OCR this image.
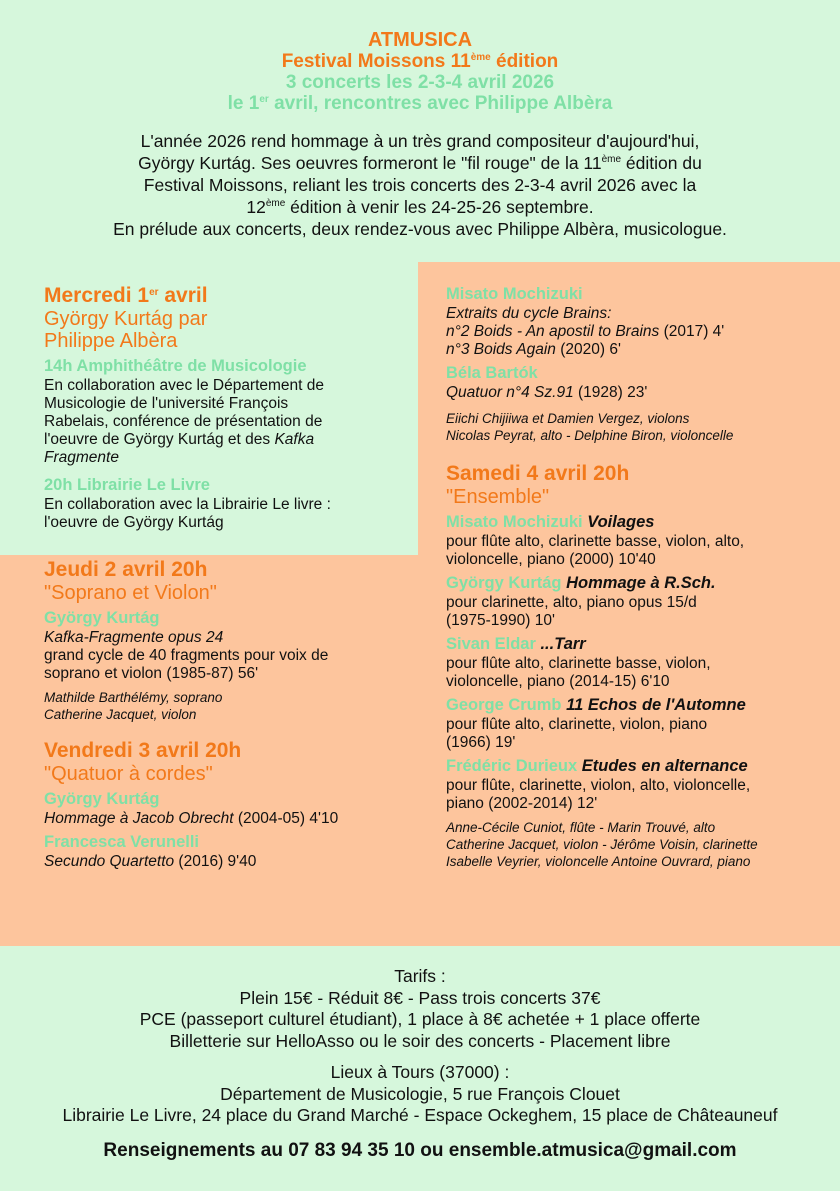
ATMUSICA
Festival Moissons 11ème édition
3 concerts les 2-3-4 avril 2026
le 1er avril, rencontres avec Philippe Albèra
L'année 2026 rend hommage à un très grand compositeur d'aujourd'hui,
György Kurtág. Ses oeuvres formeront le "fil rouge" de la 11ème édition du
Festival Moissons, reliant les trois concerts des 2-3-4 avril 2026 avec la
12ème édition à venir les 24-25-26 septembre.
En prélude aux concerts, deux rendez-vous avec Philippe Albèra, musicologue.
Mercredi 1er avril
György Kurtág par
Philippe Albèra
14h Amphithéâtre de Musicologie
En collaboration avec le Département de
Musicologie de l'université François
Rabelais, conférence de présentation de
l'oeuvre de György Kurtág et des Kafka
Fragmente
20h Librairie Le Livre
En collaboration avec la Librairie Le livre :
l'oeuvre de György Kurtág
Jeudi 2 avril 20h
"Soprano et Violon"
György Kurtág
Kafka-Fragmente opus 24
grand cycle de 40 fragments pour voix de
soprano et violon (1985-87) 56'
Mathilde Barthélémy, soprano
Catherine Jacquet, violon
Vendredi 3 avril 20h
"Quatuor à cordes"
György Kurtág
Hommage à Jacob Obrecht (2004-05) 4'10
Francesca Verunelli
Secundo Quartetto (2016) 9'40
Misato Mochizuki
Extraits du cycle Brains:
n°2 Boids - An apostil to Brains (2017) 4'
n°3 Boids Again (2020) 6'
Béla Bartók
Quatuor n°4 Sz.91 (1928) 23'
Eiichi Chijiiwa et Damien Vergez, violons
Nicolas Peyrat, alto - Delphine Biron, violoncelle
Samedi 4 avril 20h
"Ensemble"
Misato Mochizuki Voilages
pour flûte alto, clarinette basse, violon, alto,
violoncelle, piano (2000) 10'40
György Kurtág Hommage à R.Sch.
pour clarinette, alto, piano opus 15/d
(1975-1990) 10'
Sivan Eldar ...Tarr
pour flûte alto, clarinette basse, violon,
violoncelle, piano (2014-15) 6'10
George Crumb 11 Echos de l'Automne
pour flûte alto, clarinette, violon, piano
(1966) 19'
Frédéric Durieux Etudes en alternance
pour flûte, clarinette, violon, alto, violoncelle,
piano (2002-2014) 12'
Anne-Cécile Cuniot, flûte - Marin Trouvé, alto
Catherine Jacquet, violon - Jérôme Voisin, clarinette
Isabelle Veyrier, violoncelle Antoine Ouvrard, piano
Tarifs :
Plein 15€ - Réduit 8€ - Pass trois concerts 37€
PCE (passeport culturel étudiant), 1 place à 8€ achetée + 1 place offerte
Billetterie sur HelloAsso ou le soir des concerts - Placement libre
Lieux à Tours (37000) :
Département de Musicologie, 5 rue François Clouet
Librairie Le Livre, 24 place du Grand Marché - Espace Ockeghem, 15 place de Châteauneuf
Renseignements au 07 83 94 35 10 ou ensemble.atmusica@gmail.com
